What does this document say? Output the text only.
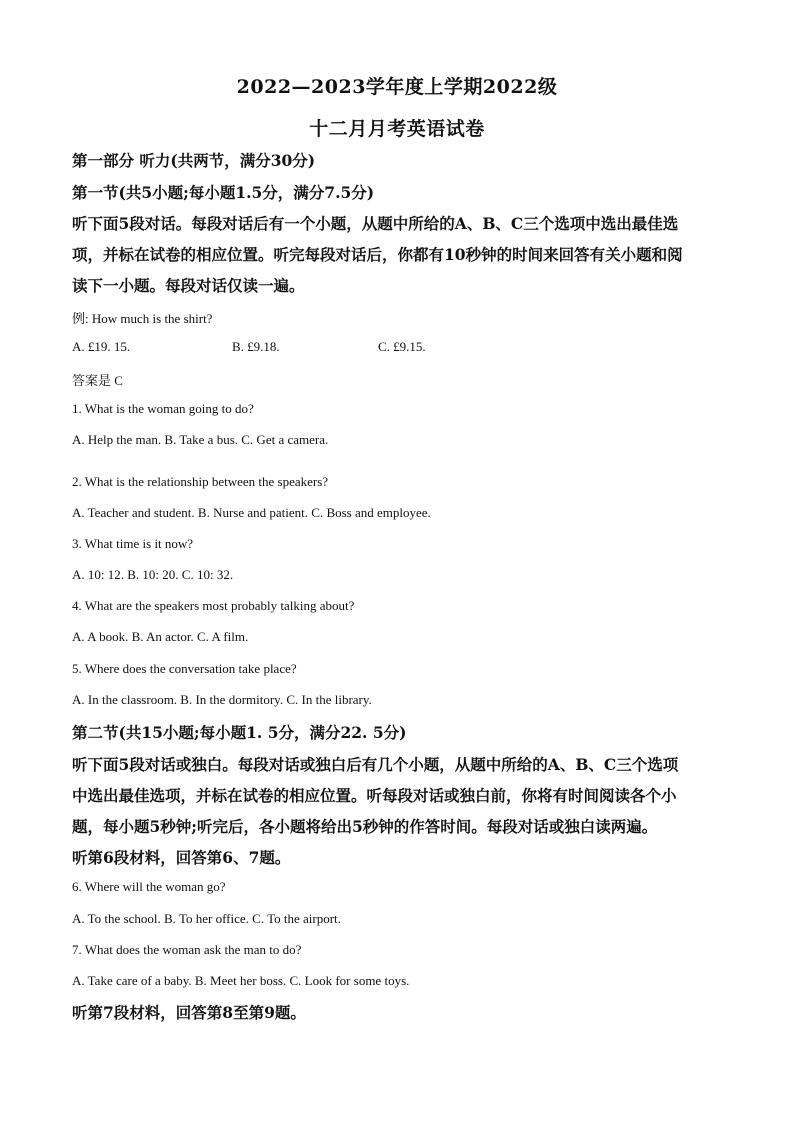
2022—2023学年度上学期2022级
十二月月考英语试卷
第一部分 听力(共两节，满分30分)
第一节(共5小题;每小题1.5分，满分7.5分)
听下面5段对话。每段对话后有一个小题，从题中所给的A、B、C三个选项中选出最佳选
项，并标在试卷的相应位置。听完每段对话后，你都有10秒钟的时间来回答有关小题和阅
读下一小题。每段对话仅读一遍。
例: How much is the shirt?
A. £19. 15.	B. £9.18.	C. £9.15.
答案是 C
1. What is the woman going to do?
A. Help the man. B. Take a bus. C. Get a camera.
2. What is the relationship between the speakers?
A. Teacher and student. B. Nurse and patient. C. Boss and employee.
3. What time is it now?
A. 10: 12. B. 10: 20. C. 10: 32.
4. What are the speakers most probably talking about?
A. A book. B. An actor. C. A film.
5. Where does the conversation take place?
A. In the classroom. B. In the dormitory. C. In the library.
第二节(共15小题;每小题1. 5分，满分22. 5分)
听下面5段对话或独白。每段对话或独白后有几个小题，从题中所给的A、B、C三个选项
中选出最佳选项，并标在试卷的相应位置。听每段对话或独白前，你将有时间阅读各个小
题，每小题5秒钟;听完后，各小题将给出5秒钟的作答时间。每段对话或独白读两遍。
听第6段材料，回答第6、7题。
6. Where will the woman go?
A. To the school. B. To her office. C. To the airport.
7. What does the woman ask the man to do?
A. Take care of a baby. B. Meet her boss. C. Look for some toys.
听第7段材料，回答第8至第9题。
